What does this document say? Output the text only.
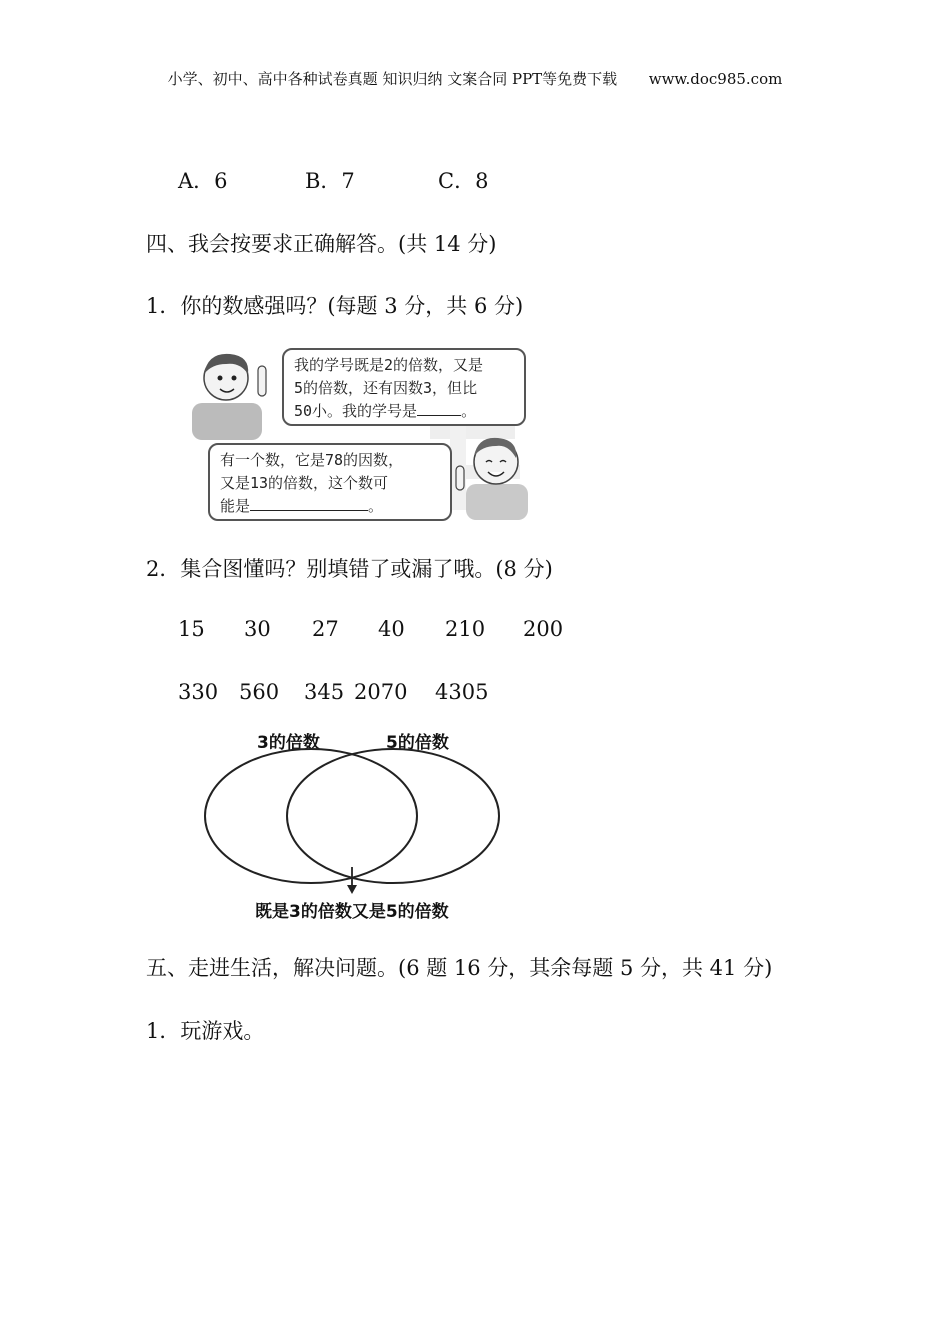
小学、初中、高中各种试卷真题 知识归纳 文案合同 PPT等免费下载 www.doc985.com
A．6	B．7	C．8
四、我会按要求正确解答。(共 14 分)
1．你的数感强吗？(每题 3 分，共 6 分)
我的学号既是2的倍数，又是
5的倍数，还有因数3，但比
50小。我的学号是	。
有一个数，它是78的因数，
又是13的倍数，这个数可
能是	。
2．集合图懂吗？别填错了或漏了哦。(8 分)
15 30 27 40 210 200
330 560 345 2070 4305
3的倍数	5的倍数
既是3的倍数又是5的倍数
五、走进生活，解决问题。(6 题 16 分，其余每题 5 分，共 41 分)
1．玩游戏。
